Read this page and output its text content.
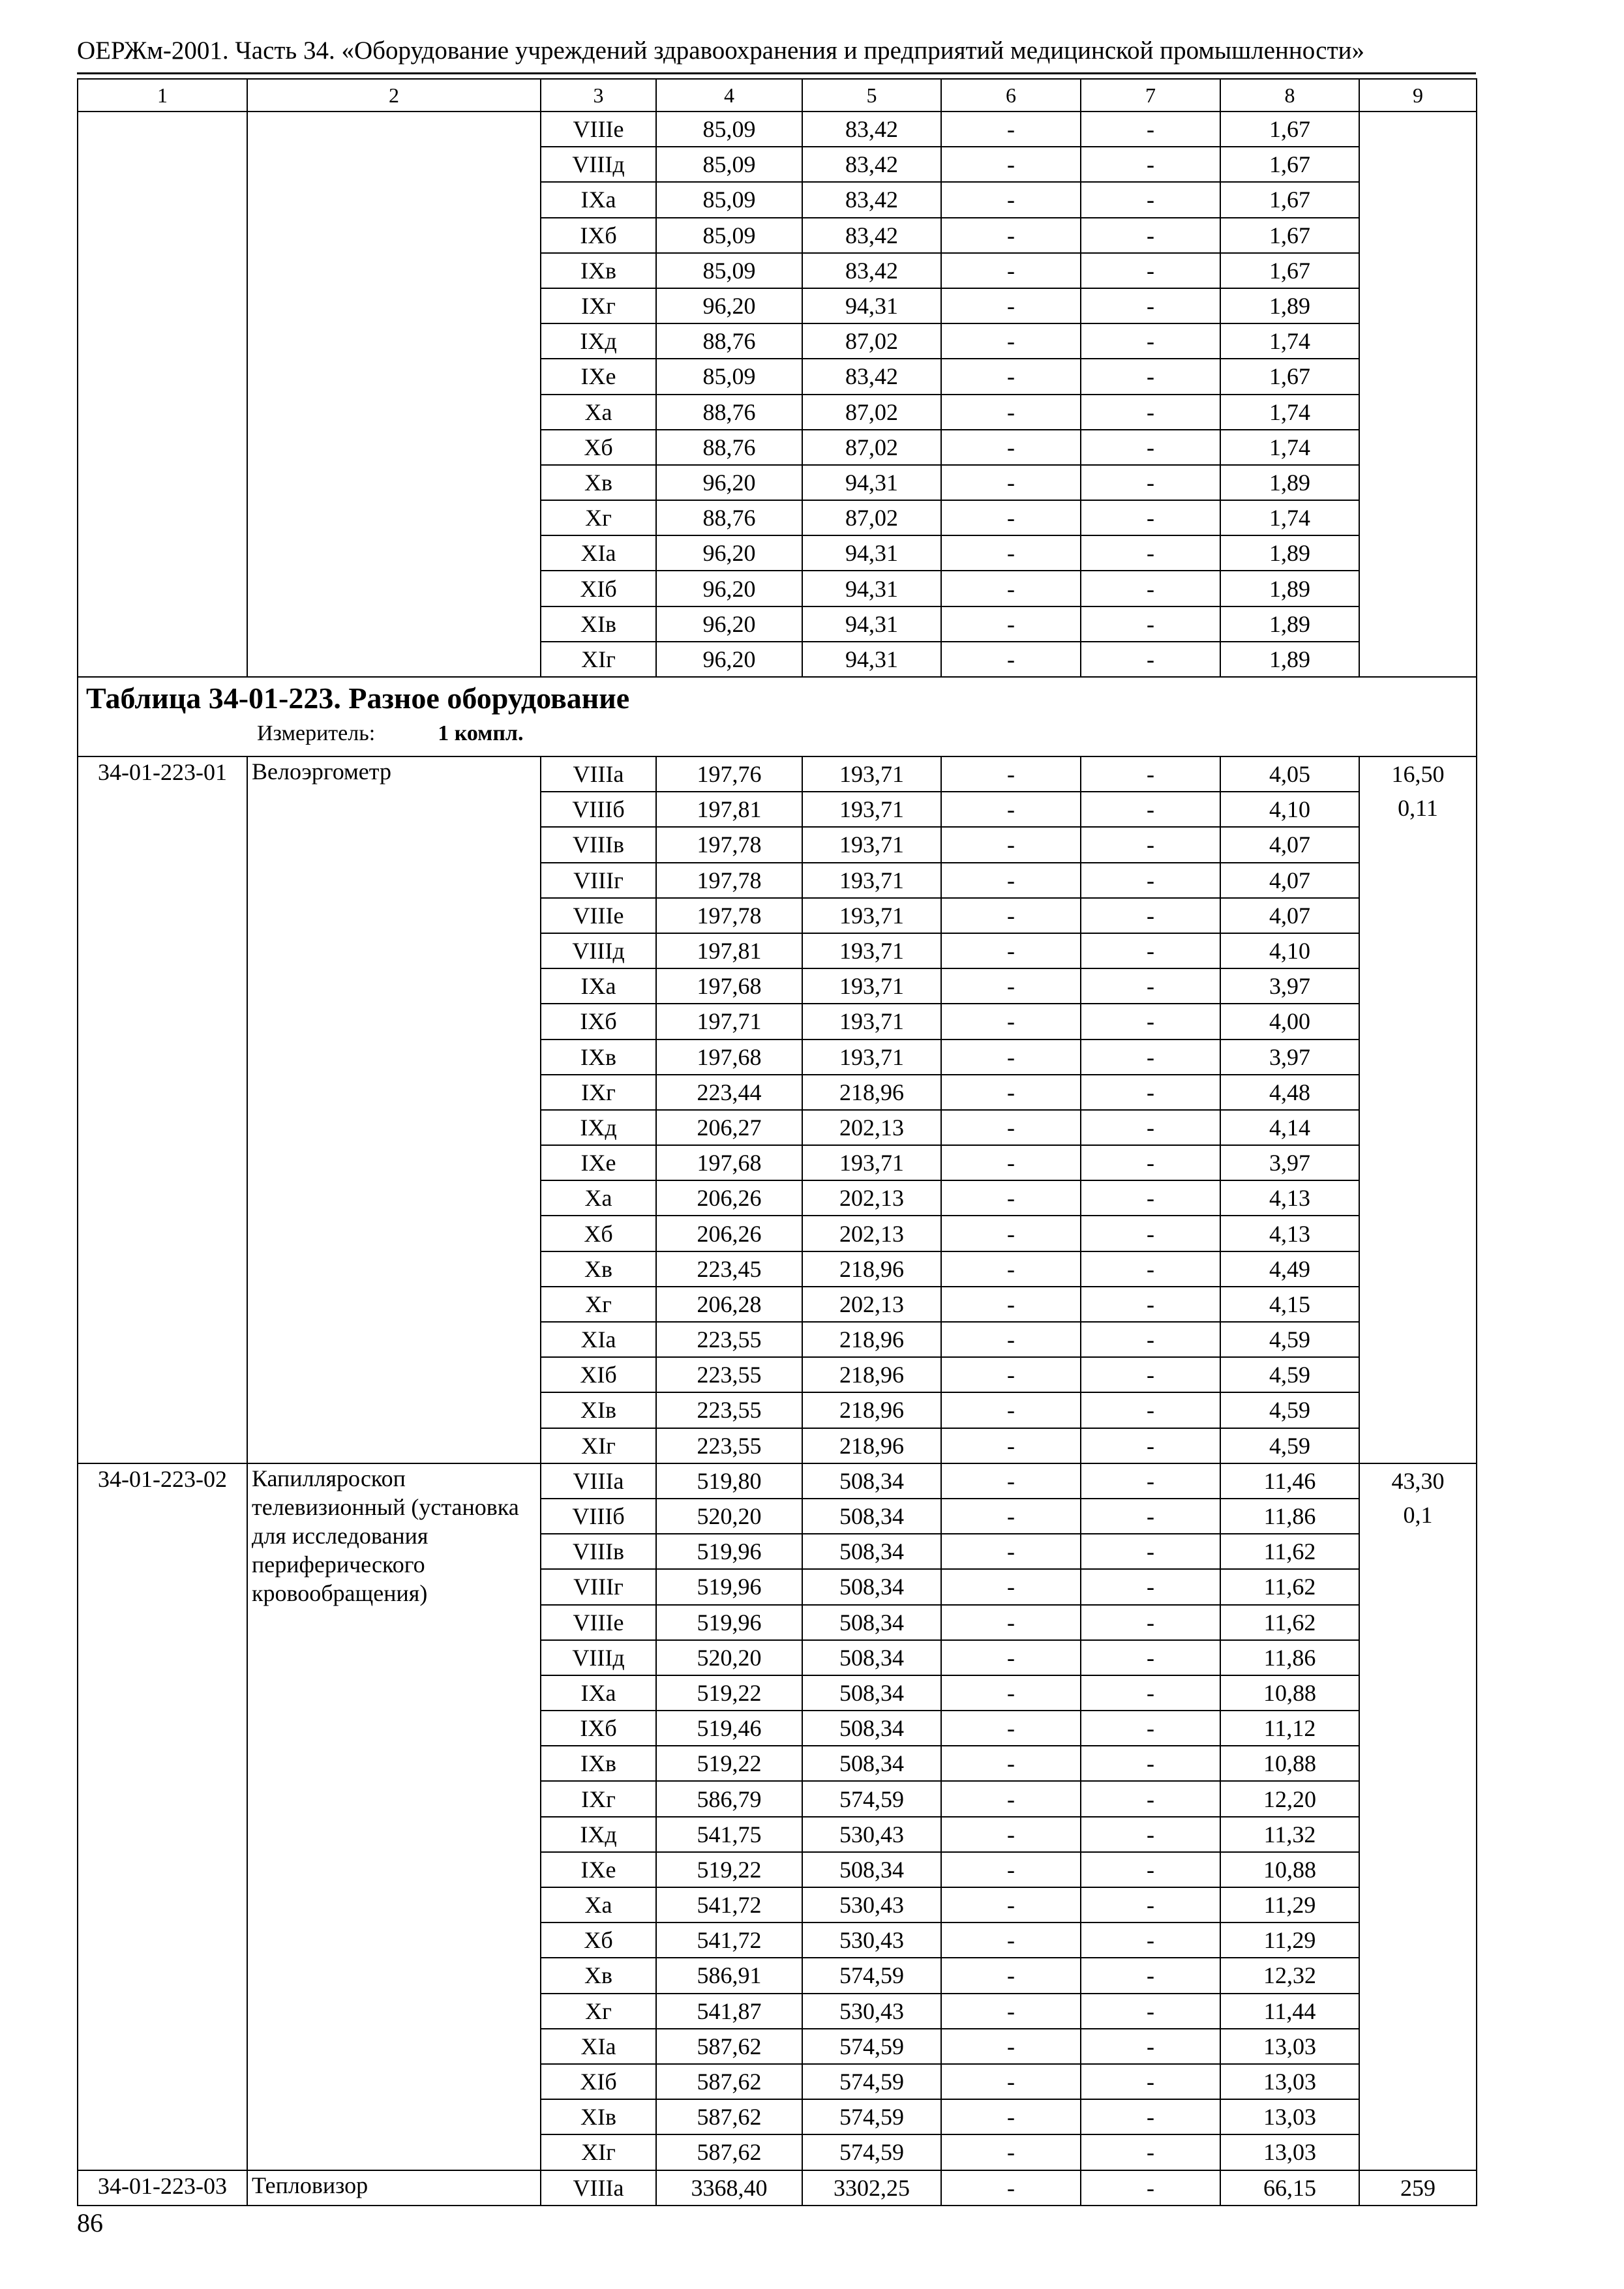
ОЕРЖм-2001. Часть 34. «Оборудование учреждений здравоохранения и предприятий медицинской промышленности»
1	2	3	4	5	6	7	8	9
		VIIIе	85,09	83,42	-	-	1,67	
		VIIIд	85,09	83,42	-	-	1,67	
		IXа	85,09	83,42	-	-	1,67	
		IXб	85,09	83,42	-	-	1,67	
		IXв	85,09	83,42	-	-	1,67	
		IXг	96,20	94,31	-	-	1,89	
		IXд	88,76	87,02	-	-	1,74	
		IXе	85,09	83,42	-	-	1,67	
		Xа	88,76	87,02	-	-	1,74	
		Xб	88,76	87,02	-	-	1,74	
		Xв	96,20	94,31	-	-	1,89	
		Xг	88,76	87,02	-	-	1,74	
		XIа	96,20	94,31	-	-	1,89	
		XIб	96,20	94,31	-	-	1,89	
		XIв	96,20	94,31	-	-	1,89	
		XIг	96,20	94,31	-	-	1,89	

Таблица 34-01-223. Разное оборудование
Измеритель: 1 компл.								

34-01-223-01	Велоэргометр	VIIIа	197,76	193,71	-	-	4,05	16,50
0,11

		VIIIб	197,81	193,71	-	-	4,10	
		VIIIв	197,78	193,71	-	-	4,07	
		VIIIг	197,78	193,71	-	-	4,07	
		VIIIе	197,78	193,71	-	-	4,07	
		VIIIд	197,81	193,71	-	-	4,10	
		IXа	197,68	193,71	-	-	3,97	
		IXб	197,71	193,71	-	-	4,00	
		IXв	197,68	193,71	-	-	3,97	
		IXг	223,44	218,96	-	-	4,48	
		IXд	206,27	202,13	-	-	4,14	
		IXе	197,68	193,71	-	-	3,97	
		Xа	206,26	202,13	-	-	4,13	
		Xб	206,26	202,13	-	-	4,13	
		Xв	223,45	218,96	-	-	4,49	
		Xг	206,28	202,13	-	-	4,15	
		XIа	223,55	218,96	-	-	4,59	
		XIб	223,55	218,96	-	-	4,59	
		XIв	223,55	218,96	-	-	4,59	
		XIг	223,55	218,96	-	-	4,59	
34-01-223-02	Капилляроскоп телевизионный (установка для исследования периферического кровообращения)	VIIIа	519,80	508,34	-	-	11,46	43,30
0,1

		VIIIб	520,20	508,34	-	-	11,86	
		VIIIв	519,96	508,34	-	-	11,62	
		VIIIг	519,96	508,34	-	-	11,62	
		VIIIе	519,96	508,34	-	-	11,62	
		VIIIд	520,20	508,34	-	-	11,86	
		IXа	519,22	508,34	-	-	10,88	
		IXб	519,46	508,34	-	-	11,12	
		IXв	519,22	508,34	-	-	10,88	
		IXг	586,79	574,59	-	-	12,20	
		IXд	541,75	530,43	-	-	11,32	
		IXе	519,22	508,34	-	-	10,88	
		Xа	541,72	530,43	-	-	11,29	
		Xб	541,72	530,43	-	-	11,29	
		Xв	586,91	574,59	-	-	12,32	
		Xг	541,87	530,43	-	-	11,44	
		XIа	587,62	574,59	-	-	13,03	
		XIб	587,62	574,59	-	-	13,03	
		XIв	587,62	574,59	-	-	13,03	
		XIг	587,62	574,59	-	-	13,03	
34-01-223-03	Тепловизор	VIIIа	3368,40	3302,25	-	-	66,15	259
86
